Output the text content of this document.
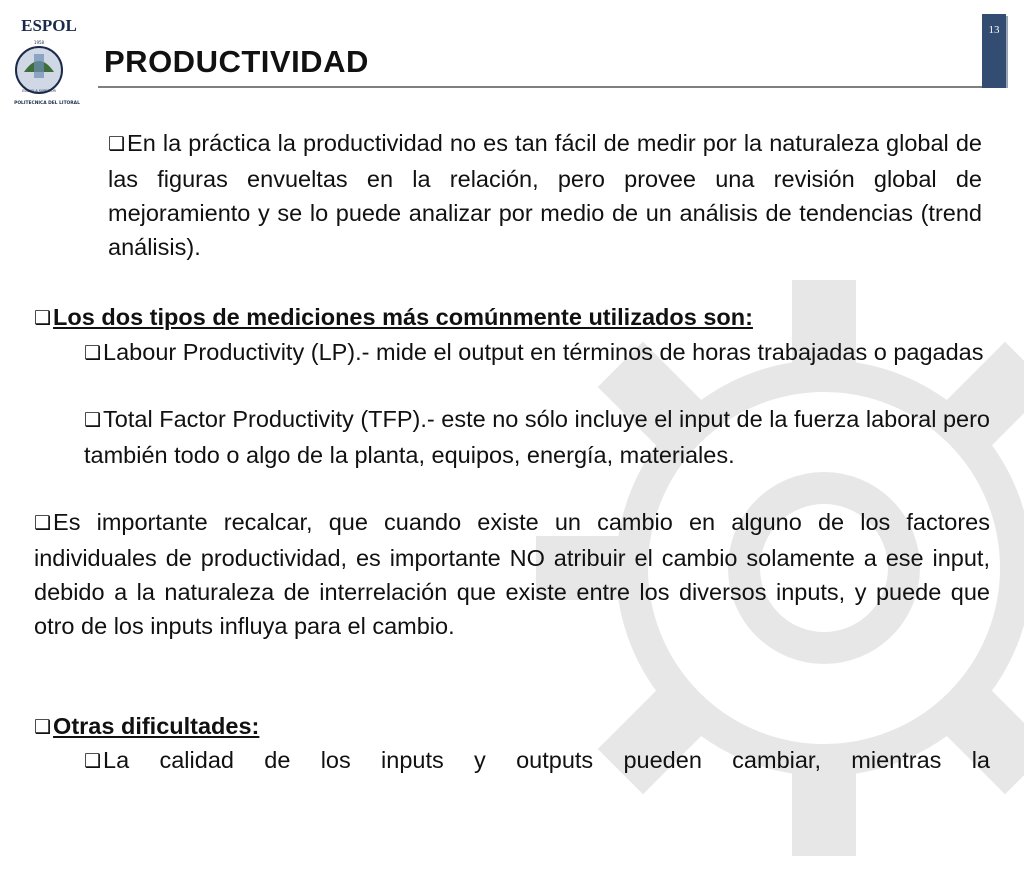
ESPOL
1958
ESCUELA SUPERIOR
POLITECNICA DEL LITORAL
PRODUCTIVIDAD
13

❑En la práctica la productividad no es tan fácil de medir por la naturaleza global de las figuras envueltas en la relación, pero provee una revisión global de mejoramiento y se lo puede analizar por medio de un análisis de tendencias (trend análisis).

❑Los dos tipos de mediciones más comúnmente utilizados son:

❑Labour Productivity (LP).- mide el output en términos de horas trabajadas o pagadas

❑Total Factor Productivity (TFP).- este no sólo incluye el input de la fuerza laboral pero también todo o algo de la planta, equipos, energía, materiales.

❑Es importante recalcar, que cuando existe un cambio en alguno de los factores individuales de productividad, es importante NO atribuir el cambio solamente a ese input, debido a la naturaleza de interrelación que existe entre los diversos inputs, y puede que otro de los inputs influya para el cambio.

❑Otras dificultades:

❑La calidad de los inputs y outputs pueden cambiar, mientras la
